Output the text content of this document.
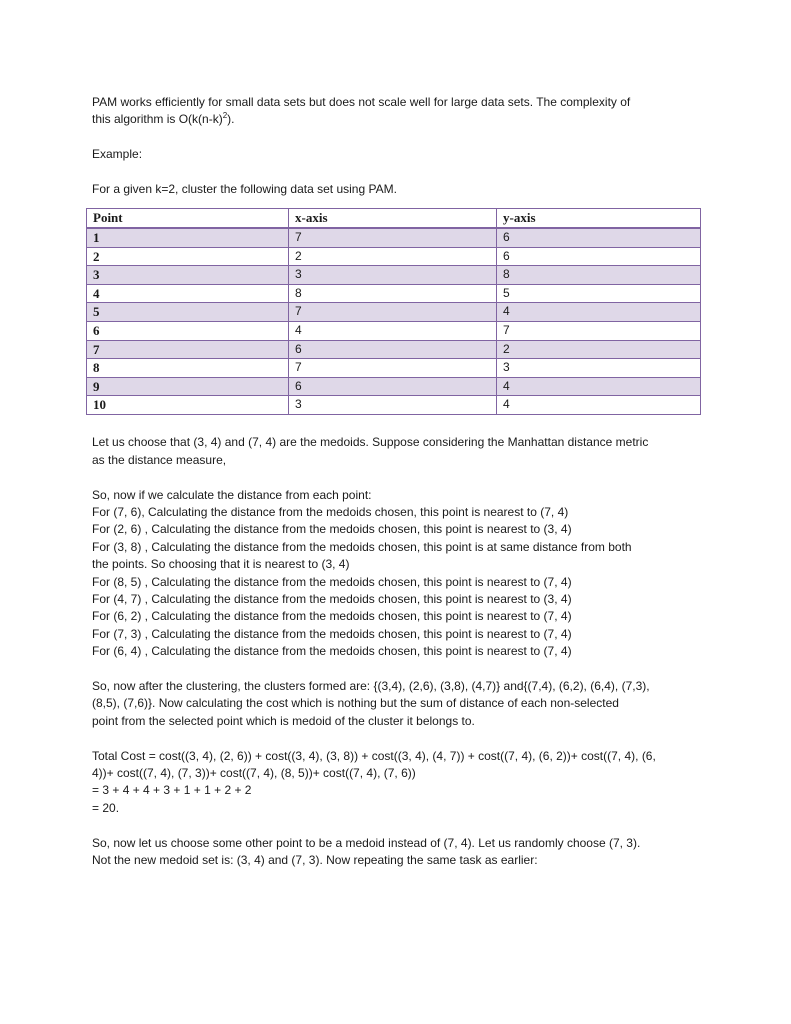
PAM works efficiently for small data sets but does not scale well for large data sets. The complexity of

this algorithm is $O(k(n-k)^2)$.

Example:

For a given k=2, cluster the following data set using PAM.

Point	x-axis	y-axis
1	7	6
2	2	6
3	3	8
4	8	5
5	7	4
6	4	7
7	6	2
8	7	3
9	6	4
10	3	4

Let us choose that (3, 4) and (7, 4) are the medoids. Suppose considering the Manhattan distance metric

as the distance measure,

So, now if we calculate the distance from each point:

For (7, 6), Calculating the distance from the medoids chosen, this point is nearest to (7, 4)

For (2, 6) , Calculating the distance from the medoids chosen, this point is nearest to (3, 4)

For (3, 8) , Calculating the distance from the medoids chosen, this point is at same distance from both

the points. So choosing that it is nearest to (3, 4)

For (8, 5) , Calculating the distance from the medoids chosen, this point is nearest to (7, 4)

For (4, 7) , Calculating the distance from the medoids chosen, this point is nearest to (3, 4)

For (6, 2) , Calculating the distance from the medoids chosen, this point is nearest to (7, 4)

For (7, 3) , Calculating the distance from the medoids chosen, this point is nearest to (7, 4)

For (6, 4) , Calculating the distance from the medoids chosen, this point is nearest to (7, 4)

So, now after the clustering, the clusters formed are: {(3,4), (2,6), (3,8), (4,7)} and{(7,4), (6,2), (6,4), (7,3),

(8,5), (7,6)}. Now calculating the cost which is nothing but the sum of distance of each non-selected

point from the selected point which is medoid of the cluster it belongs to.

Total Cost = cost((3, 4), (2, 6)) + cost((3, 4), (3, 8)) + cost((3, 4), (4, 7)) + cost((7, 4), (6, 2))+ cost((7, 4), (6,

4))+ cost((7, 4), (7, 3))+ cost((7, 4), (8, 5))+ cost((7, 4), (7, 6))

= 3 + 4 + 4 + 3 + 1 + 1 + 2 + 2

= 20.

So, now let us choose some other point to be a medoid instead of (7, 4). Let us randomly choose (7, 3).

Not the new medoid set is: (3, 4) and (7, 3). Now repeating the same task as earlier:
